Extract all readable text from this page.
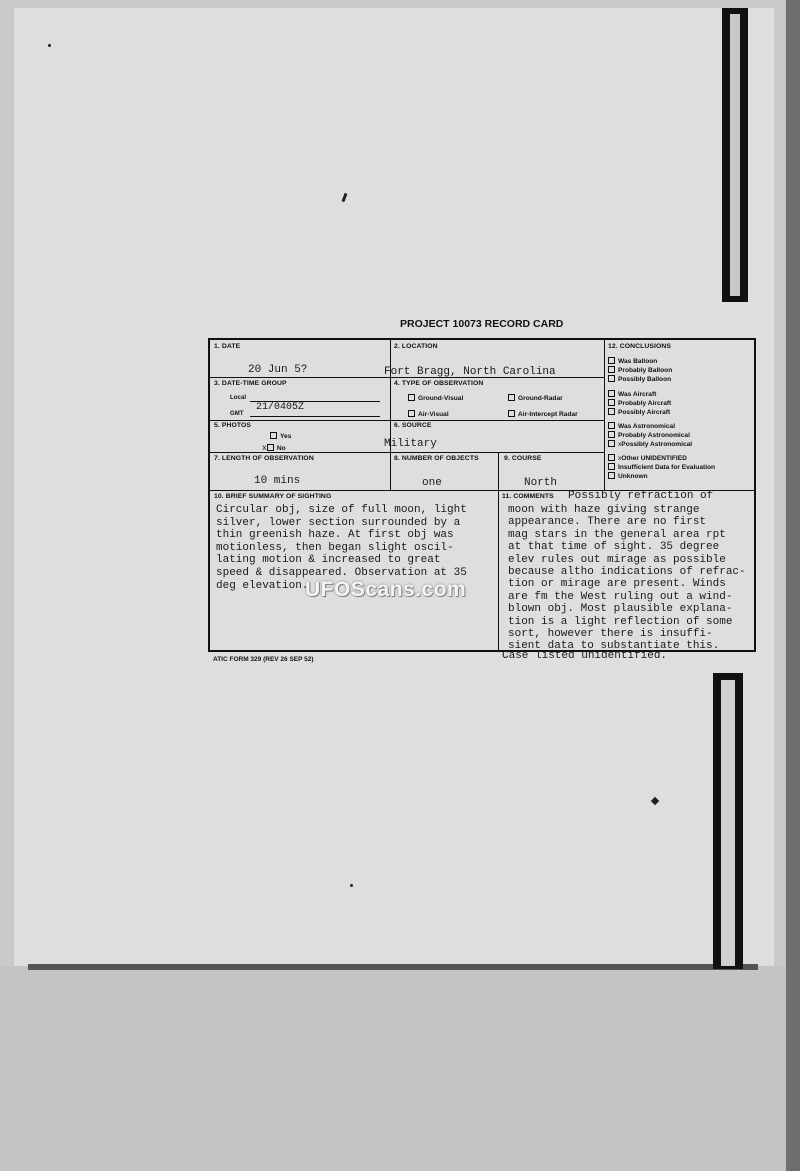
PROJECT 10073 RECORD CARD
1. DATE
20 Jun 5?
2. LOCATION
Fort Bragg, North Carolina
3. DATE-TIME GROUP
Local
GMT
21/0405Z
4. TYPE OF OBSERVATION
Ground-Visual	Ground-Radar
Air-Visual	Air-Intercept Radar
5. PHOTOS
Yes
x No
6. SOURCE
Military
7. LENGTH OF OBSERVATION
10 mins
8. NUMBER OF OBJECTS
one
9. COURSE
North
12. CONCLUSIONS
Was Balloon
Probably Balloon
Possibly Balloon
Was Aircraft
Probably Aircraft
Possibly Aircraft
Was Astronomical
Probably Astronomical
xPossibly Astronomical
xOther UNIDENTIFIED
Insufficient Data for Evaluation
Unknown
10. BRIEF SUMMARY OF SIGHTING
Circular obj, size of full moon, light
silver, lower section surrounded by a
thin greenish haze. At first obj was
motionless, then began slight oscil-
lating motion & increased to great
speed & disappeared. Observation at 35
deg elevation.
11. COMMENTS Possibly refraction of
moon with haze giving strange
appearance. There are no first
mag stars in the general area rpt
at that time of sight. 35 degree
elev rules out mirage as possible
because altho indications of refrac-
tion or mirage are present. Winds
are fm the West ruling out a wind-
blown obj. Most plausible explana-
tion is a light reflection of some
sort, however there is insuffi-
sient data to substantiate this.
Case listed unidentified.
ATIC FORM 329 (REV 26 SEP 52)
UFOScans.com
